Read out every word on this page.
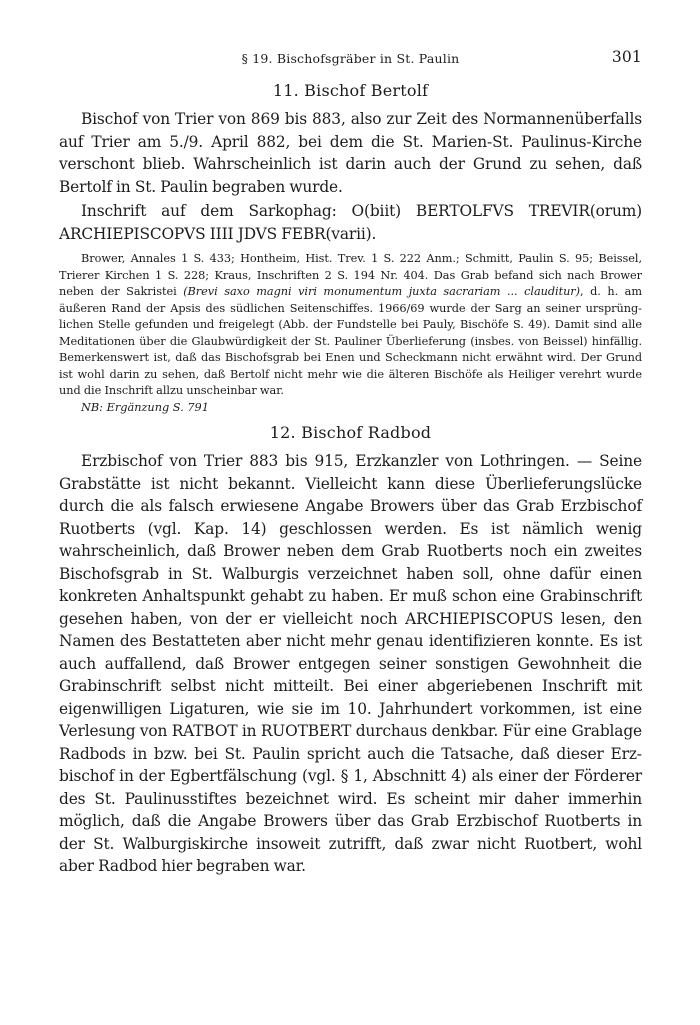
§ 19. Bischofsgräber in St. Paulin	301
11. Bischof Bertolf

Bischof von Trier von 869 bis 883, also zur Zeit des Normannenüberfalls auf Trier am 5./9. April 882, bei dem die St. Marien-St. Paulinus-Kirche verschont blieb. Wahrscheinlich ist darin auch der Grund zu sehen, daß Bertolf in St. Paulin begraben wurde.

Inschrift auf dem Sarkophag: O(biit) BERTOLFVS TREVIR(orum) ARCHIEPISCOPVS IIII JDVS FEBR(varii).

Brower, Annales 1 S. 433; Hontheim, Hist. Trev. 1 S. 222 Anm.; Schmitt, Paulin S. 95; Beissel, Trierer Kirchen 1 S. 228; Kraus, Inschriften 2 S. 194 Nr. 404. Das Grab befand sich nach Brower neben der Sakristei (Brevi saxo magni viri monumentum juxta sacrariam ... clauditur), d. h. am äußeren Rand der Apsis des südlichen Seitenschiffes. 1966/69 wurde der Sarg an seiner ursprünglichen Stelle gefunden und freigelegt (Abb. der Fundstelle bei Pauly, Bischöfe S. 49). Damit sind alle Meditationen über die Glaubwürdigkeit der St. Pauliner Überlieferung (insbes. von Beissel) hinfällig. Bemerkenswert ist, daß das Bischofsgrab bei Enen und Scheckmann nicht erwähnt wird. Der Grund ist wohl darin zu sehen, daß Bertolf nicht mehr wie die älteren Bischöfe als Heiliger verehrt wurde und die Inschrift allzu unscheinbar war.

NB: Ergänzung S. 791

12. Bischof Radbod

Erzbischof von Trier 883 bis 915, Erzkanzler von Lothringen. — Seine Grabstätte ist nicht bekannt. Vielleicht kann diese Überlieferungslücke durch die als falsch erwiesene Angabe Browers über das Grab Erzbischof Ruotberts (vgl. Kap. 14) geschlossen werden. Es ist nämlich wenig wahrscheinlich, daß Brower neben dem Grab Ruotberts noch ein zweites Bischofsgrab in St. Walburgis verzeichnet haben soll, ohne dafür einen konkreten Anhaltspunkt gehabt zu haben. Er muß schon eine Grabinschrift gesehen haben, von der er vielleicht noch ARCHIEPISCOPUS lesen, den Namen des Bestatteten aber nicht mehr genau identifizieren konnte. Es ist auch auffallend, daß Brower entgegen seiner sonstigen Gewohnheit die Grabinschrift selbst nicht mitteilt. Bei einer abgeriebenen Inschrift mit eigenwilligen Ligaturen, wie sie im 10. Jahrhundert vorkommen, ist eine Verlesung von RATBOT in RUOTBERT durchaus denkbar. Für eine Grablage Radbods in bzw. bei St. Paulin spricht auch die Tatsache, daß dieser Erzbischof in der Egbertfälschung (vgl. § 1, Abschnitt 4) als einer der Förderer des St. Paulinusstiftes bezeichnet wird. Es scheint mir daher immerhin möglich, daß die Angabe Browers über das Grab Erzbischof Ruotberts in der St. Walburgiskirche insoweit zutrifft, daß zwar nicht Ruotbert, wohl aber Radbod hier begraben war.
